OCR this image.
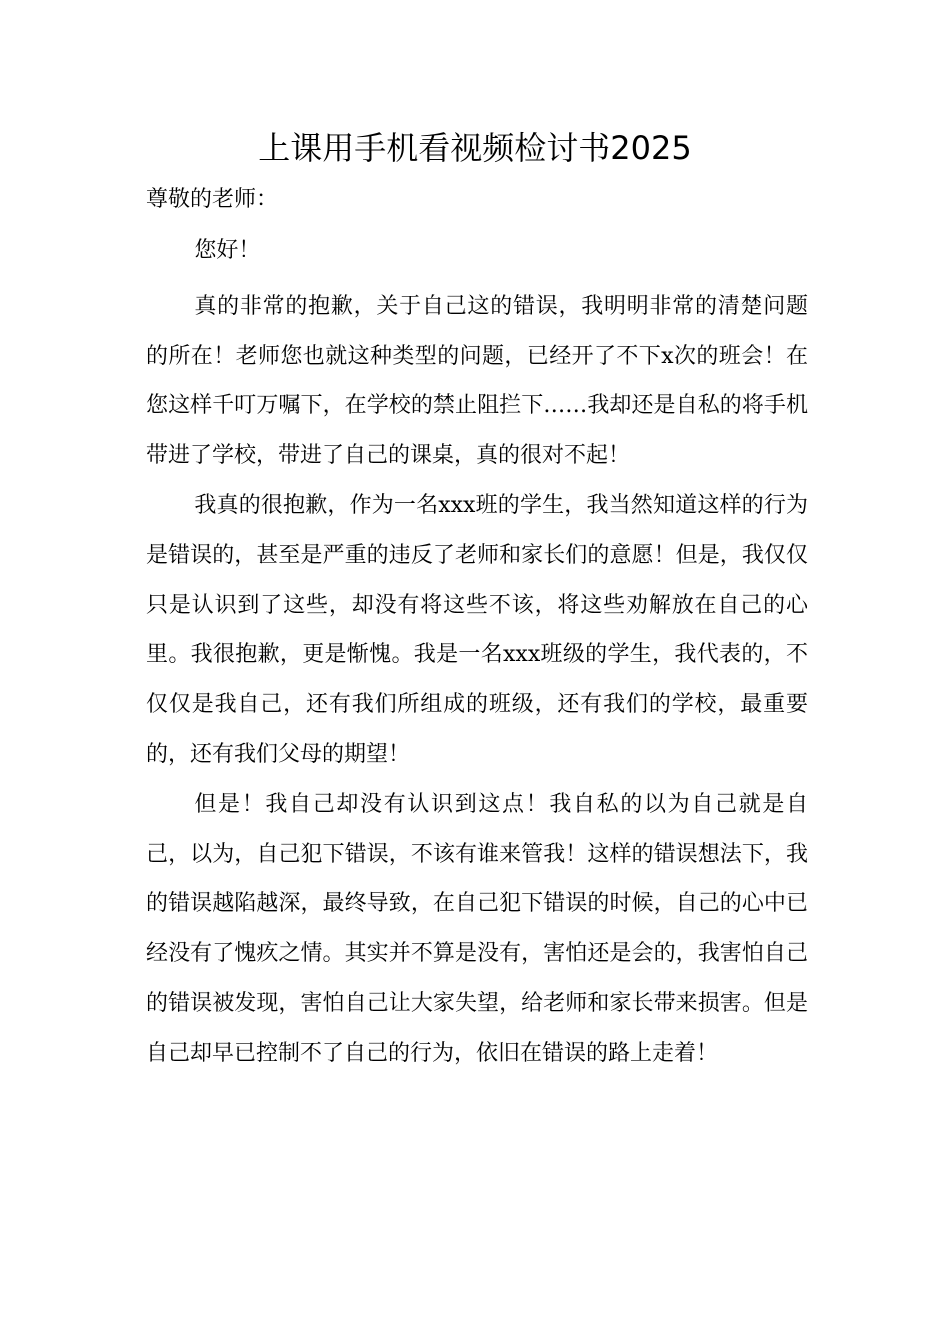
上课用手机看视频检讨书2025
尊敬的老师：

您好！

真的非常的抱歉，关于自己这的错误，我明明非常的清楚问题的所在！老师您也就这种类型的问题，已经开了不下x次的班会！在您这样千叮万嘱下，在学校的禁止阻拦下……我却还是自私的将手机带进了学校，带进了自己的课桌，真的很对不起！

我真的很抱歉，作为一名xxx班的学生，我当然知道这样的行为是错误的，甚至是严重的违反了老师和家长们的意愿！但是，我仅仅只是认识到了这些，却没有将这些不该，将这些劝解放在自己的心里。我很抱歉，更是惭愧。我是一名xxx班级的学生，我代表的，不仅仅是我自己，还有我们所组成的班级，还有我们的学校，最重要的，还有我们父母的期望！

但是！我自己却没有认识到这点！我自私的以为自己就是自己，以为，自己犯下错误，不该有谁来管我！这样的错误想法下，我的错误越陷越深，最终导致，在自己犯下错误的时候，自己的心中已经没有了愧疚之情。其实并不算是没有，害怕还是会的，我害怕自己的错误被发现，害怕自己让大家失望，给老师和家长带来损害。但是自己却早已控制不了自己的行为，依旧在错误的路上走着！
